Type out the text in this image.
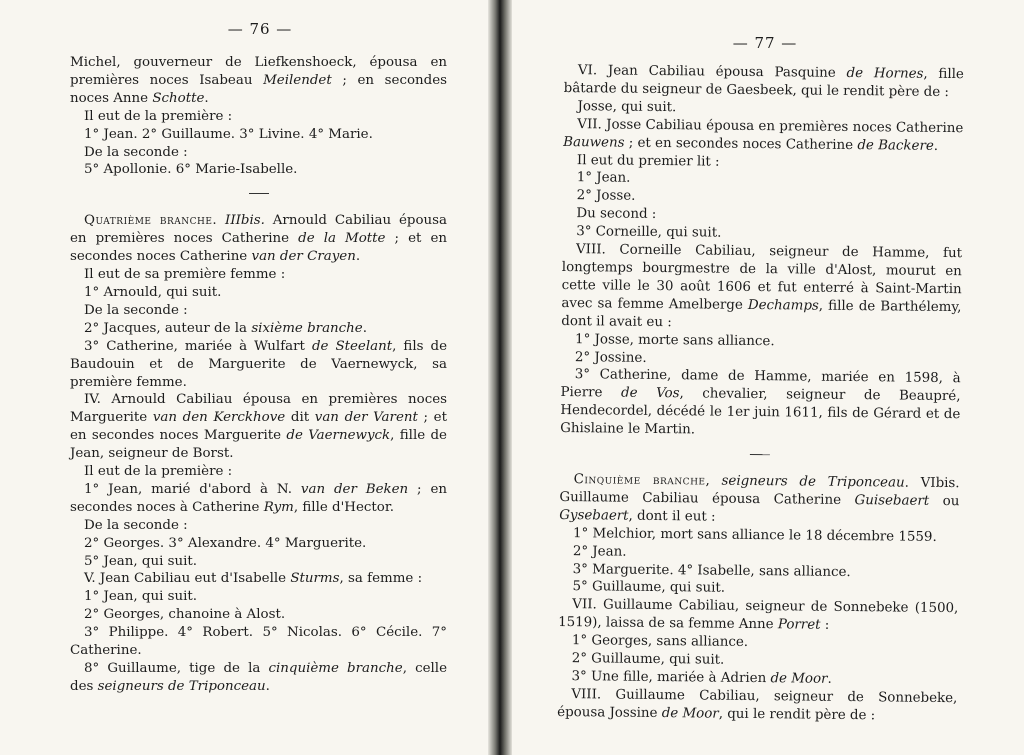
— 76 —

Michel, gouverneur de Liefkenshoeck, épousa en premières noces Isabeau Meilendet ; en secondes noces Anne Schotte.

Il eut de la première :

1° Jean. 2° Guillaume. 3° Livine. 4° Marie.

De la seconde :

5° Apollonie. 6° Marie-Isabelle.

Quatrième branche. IIIbis. Arnould Cabiliau épousa en premières noces Catherine de la Motte ; et en secondes noces Catherine van der Crayen.

Il eut de sa première femme :

1° Arnould, qui suit.

De la seconde :

2° Jacques, auteur de la sixième branche.

3° Catherine, mariée à Wulfart de Steelant, fils de Baudouin et de Marguerite de Vaernewyck, sa première femme.

IV. Arnould Cabiliau épousa en premières noces Marguerite van den Kerckhove dit van der Varent ; et en secondes noces Marguerite de Vaernewyck, fille de Jean, seigneur de Borst.

Il eut de la première :

1° Jean, marié d'abord à N. van der Beken ; en secondes noces à Catherine Rym, fille d'Hector.

De la seconde :

2° Georges. 3° Alexandre. 4° Marguerite.

5° Jean, qui suit.

V. Jean Cabiliau eut d'Isabelle Sturms, sa femme :

1° Jean, qui suit.

2° Georges, chanoine à Alost.

3° Philippe. 4° Robert. 5° Nicolas. 6° Cécile. 7° Catherine.

8° Guillaume, tige de la cinquième branche, celle des seigneurs de Triponceau.

— 77 —

VI. Jean Cabiliau épousa Pasquine de Hornes, fille bâtarde du seigneur de Gaesbeek, qui le rendit père de :

Josse, qui suit.

VII. Josse Cabiliau épousa en premières noces Catherine Bauwens ; et en secondes noces Catherine de Backere.

Il eut du premier lit :

1° Jean.

2° Josse.

Du second :

3° Corneille, qui suit.

VIII. Corneille Cabiliau, seigneur de Hamme, fut longtemps bourgmestre de la ville d'Alost, mourut en cette ville le 30 août 1606 et fut enterré à Saint-Martin avec sa femme Amelberge Dechamps, fille de Barthélemy, dont il avait eu :

1° Josse, morte sans alliance.

2° Jossine.

3° Catherine, dame de Hamme, mariée en 1598, à Pierre de Vos, chevalier, seigneur de Beaupré, Hendecordel, décédé le 1er juin 1611, fils de Gérard et de Ghislaine le Martin.

Cinquième branche, seigneurs de Triponceau. VIbis. Guillaume Cabiliau épousa Catherine Guisebaert ou Gysebaert, dont il eut :

1° Melchior, mort sans alliance le 18 décembre 1559.

2° Jean.

3° Marguerite. 4° Isabelle, sans alliance.

5° Guillaume, qui suit.

VII. Guillaume Cabiliau, seigneur de Sonnebeke (1500, 1519), laissa de sa femme Anne Porret :

1° Georges, sans alliance.

2° Guillaume, qui suit.

3° Une fille, mariée à Adrien de Moor.

VIII. Guillaume Cabiliau, seigneur de Sonnebeke, épousa Jossine de Moor, qui le rendit père de :
